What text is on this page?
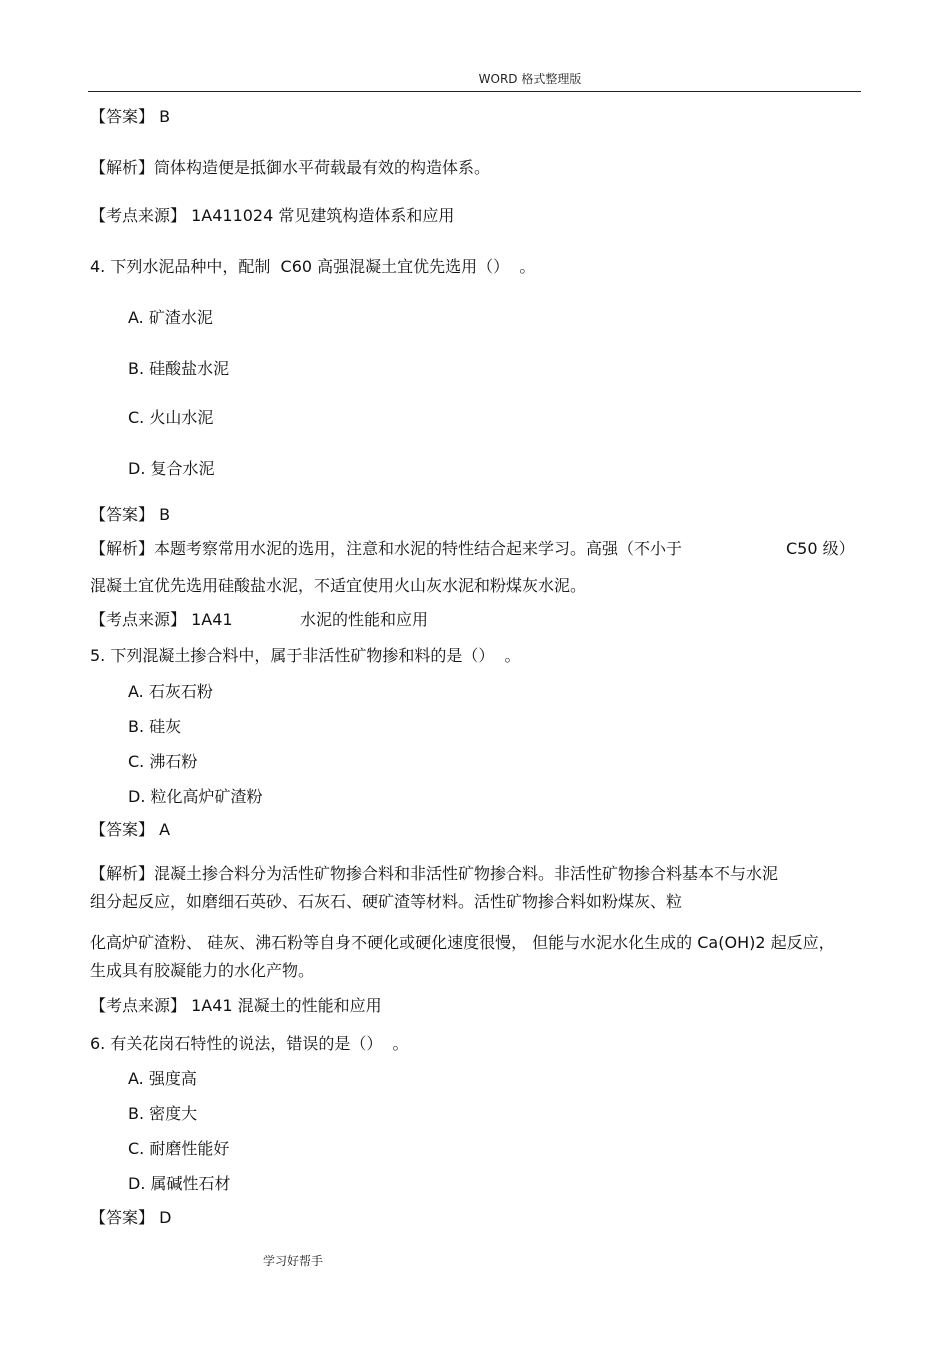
WORD 格式整理版
【答案】 B
【解析】筒体构造便是抵御水平荷载最有效的构造体系。
【考点来源】 1A411024 常见建筑构造体系和应用
4. 下列水泥品种中，配制  C60 高强混凝土宜优先选用（）  。
A. 矿渣水泥
B. 硅酸盐水泥
C. 火山水泥
D. 复合水泥
【答案】 B
【解析】本题考察常用水泥的选用，注意和水泥的特性结合起来学习。高强（不小于	C50 级）
混凝土宜优先选用硅酸盐水泥，不适宜使用火山灰水泥和粉煤灰水泥。
【考点来源】 1A41	水泥的性能和应用
5. 下列混凝土掺合料中，属于非活性矿物掺和料的是（）  。
A. 石灰石粉
B. 硅灰
C. 沸石粉
D. 粒化高炉矿渣粉
【答案】 A
【解析】混凝土掺合料分为活性矿物掺合料和非活性矿物掺合料。非活性矿物掺合料基本不与水泥
组分起反应，如磨细石英砂、石灰石、硬矿渣等材料。活性矿物掺合料如粉煤灰、粒
化高炉矿渣粉、 硅灰、沸石粉等自身不硬化或硬化速度很慢， 但能与水泥水化生成的 Ca(OH)2 起反应，
生成具有胶凝能力的水化产物。
【考点来源】 1A41 混凝土的性能和应用
6. 有关花岗石特性的说法，错误的是（）  。
A. 强度高
B. 密度大
C. 耐磨性能好
D. 属碱性石材
【答案】 D
学习好帮手
